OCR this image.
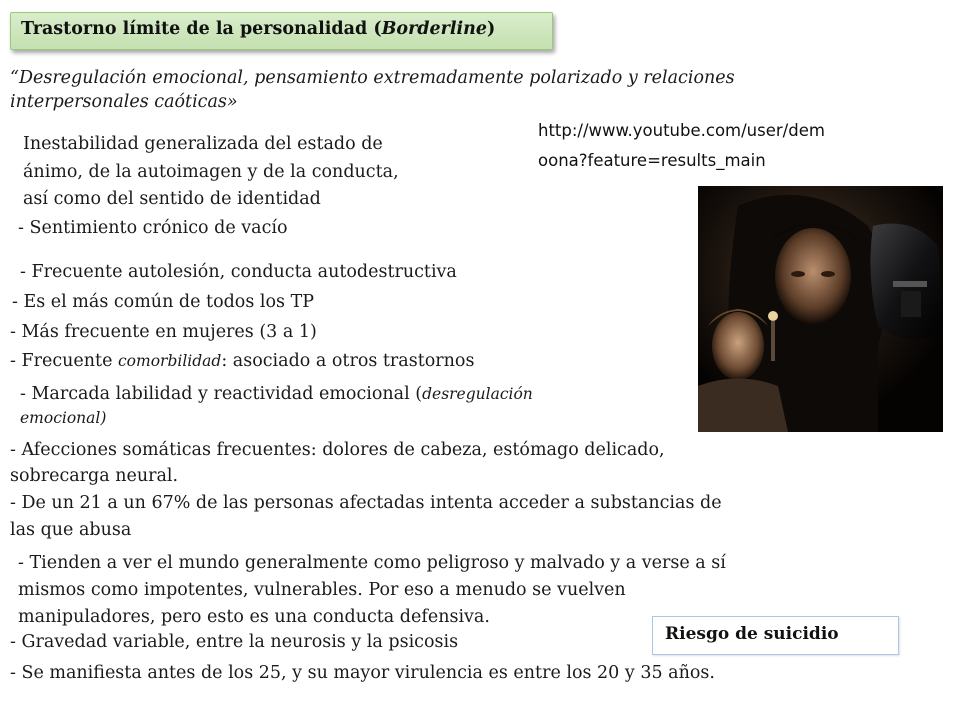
Trastorno límite de la personalidad (Borderline)
“Desregulación emocional, pensamiento extremadamente polarizado y relaciones interpersonales caóticas»
Inestabilidad generalizada del estado de
ánimo, de la autoimagen y de la conducta,
así como del sentido de identidad
http://www.youtube.com/user/dem
oona?feature=results_main
- Sentimiento crónico de vacío
- Frecuente autolesión, conducta autodestructiva
- Es el más común de todos los TP
- Más frecuente en mujeres (3 a 1)
- Frecuente comorbilidad: asociado a otros trastornos
- Marcada labilidad y reactividad emocional (desregulación
emocional)
- Afecciones somáticas frecuentes: dolores de cabeza, estómago delicado,
sobrecarga neural.
- De un 21 a un 67% de las personas afectadas intenta acceder a substancias de
las que abusa
- Tienden a ver el mundo generalmente como peligroso y malvado y a verse a sí
mismos como impotentes, vulnerables. Por eso a menudo se vuelven
manipuladores, pero esto es una conducta defensiva.
- Gravedad variable, entre la neurosis y la psicosis
- Se manifiesta antes de los 25, y su mayor virulencia es entre los 20 y 35 años.
Riesgo de suicidio
